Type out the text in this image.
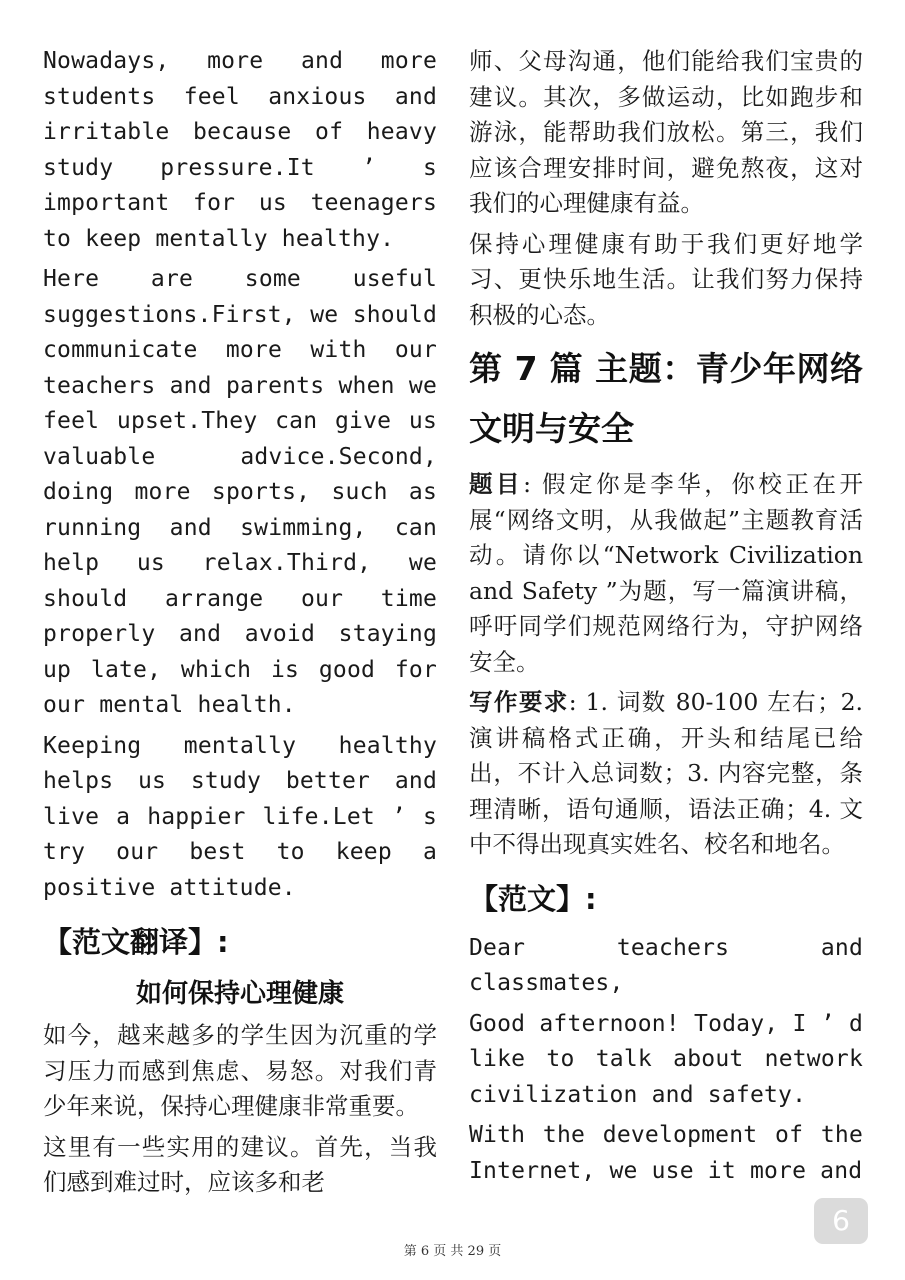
Nowadays, more and more students feel anxious and irritable because of heavy study pressure.It ’ s important for us teenagers to keep mentally healthy.

Here are some useful suggestions.First, we should communicate more with our teachers and parents when we feel upset.They can give us valuable advice.Second, doing more sports, such as running and swimming, can help us relax.Third, we should arrange our time properly and avoid staying up late, which is good for our mental health.

Keeping mentally healthy helps us study better and live a happier life.Let ’ s try our best to keep a positive attitude.

【范文翻译】:
如何保持心理健康

如今，越来越多的学生因为沉重的学习压力而感到焦虑、易怒。对我们青少年来说，保持心理健康非常重要。

这里有一些实用的建议。首先，当我们感到难过时，应该多和老

师、父母沟通，他们能给我们宝贵的建议。其次，多做运动，比如跑步和游泳，能帮助我们放松。第三，我们应该合理安排时间，避免熬夜，这对我们的心理健康有益。

保持心理健康有助于我们更好地学习、更快乐地生活。让我们努力保持积极的心态。

第 7 篇 主题：青少年网络文明与安全

题目: 假定你是李华，你校正在开展“网络文明，从我做起”主题教育活动。请你以“Network Civilization and Safety ”为题，写一篇演讲稿，呼吁同学们规范网络行为，守护网络安全。

写作要求: 1. 词数 80-100 左右；2. 演讲稿格式正确，开头和结尾已给出，不计入总词数；3. 内容完整，条理清晰，语句通顺，语法正确；4. 文中不得出现真实姓名、校名和地名。

【范文】:

Dear teachers and classmates,

Good afternoon! Today, I ’ d like to talk about network civilization and safety.

With the development of the Internet, we use it more and

第 6 页 共 29 页
6
